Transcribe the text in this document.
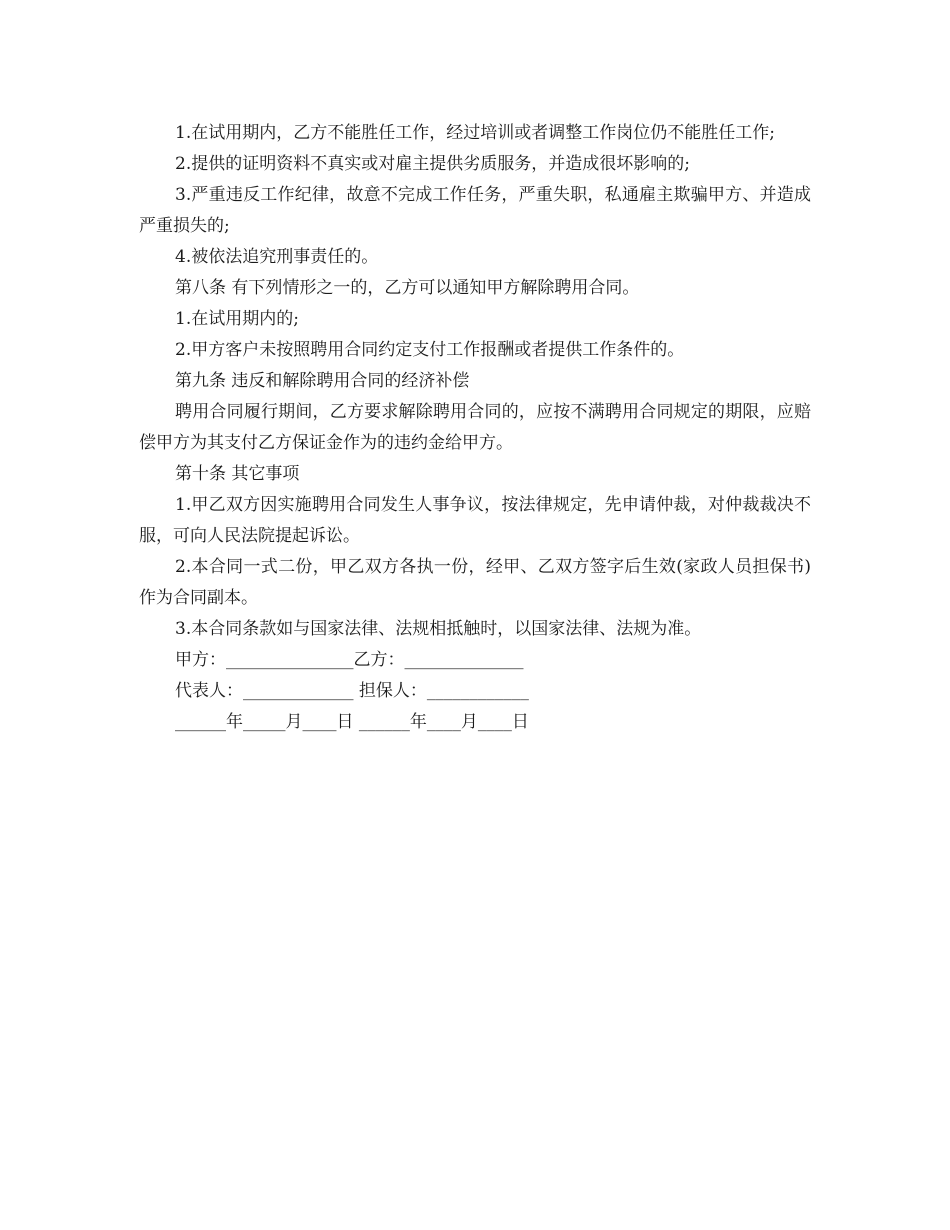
1.在试用期内，乙方不能胜任工作，经过培训或者调整工作岗位仍不能胜任工作;

2.提供的证明资料不真实或对雇主提供劣质服务，并造成很坏影响的;

3.严重违反工作纪律，故意不完成工作任务，严重失职，私通雇主欺骗甲方、并造成严重损失的;

4.被依法追究刑事责任的。

第八条 有下列情形之一的，乙方可以通知甲方解除聘用合同。

1.在试用期内的;

2.甲方客户未按照聘用合同约定支付工作报酬或者提供工作条件的。

第九条 违反和解除聘用合同的经济补偿

聘用合同履行期间，乙方要求解除聘用合同的，应按不满聘用合同规定的期限，应赔偿甲方为其支付乙方保证金作为的违约金给甲方。

第十条 其它事项

1.甲乙双方因实施聘用合同发生人事争议，按法律规定，先申请仲裁，对仲裁裁决不服，可向人民法院提起诉讼。

2.本合同一式二份，甲乙双方各执一份，经甲、乙双方签字后生效(家政人员担保书)作为合同副本。

3.本合同条款如与国家法律、法规相抵触时，以国家法律、法规为准。

甲方：_______________乙方：______________

代表人：_____________ 担保人：____________

______年_____月____日 ______年____月____日
